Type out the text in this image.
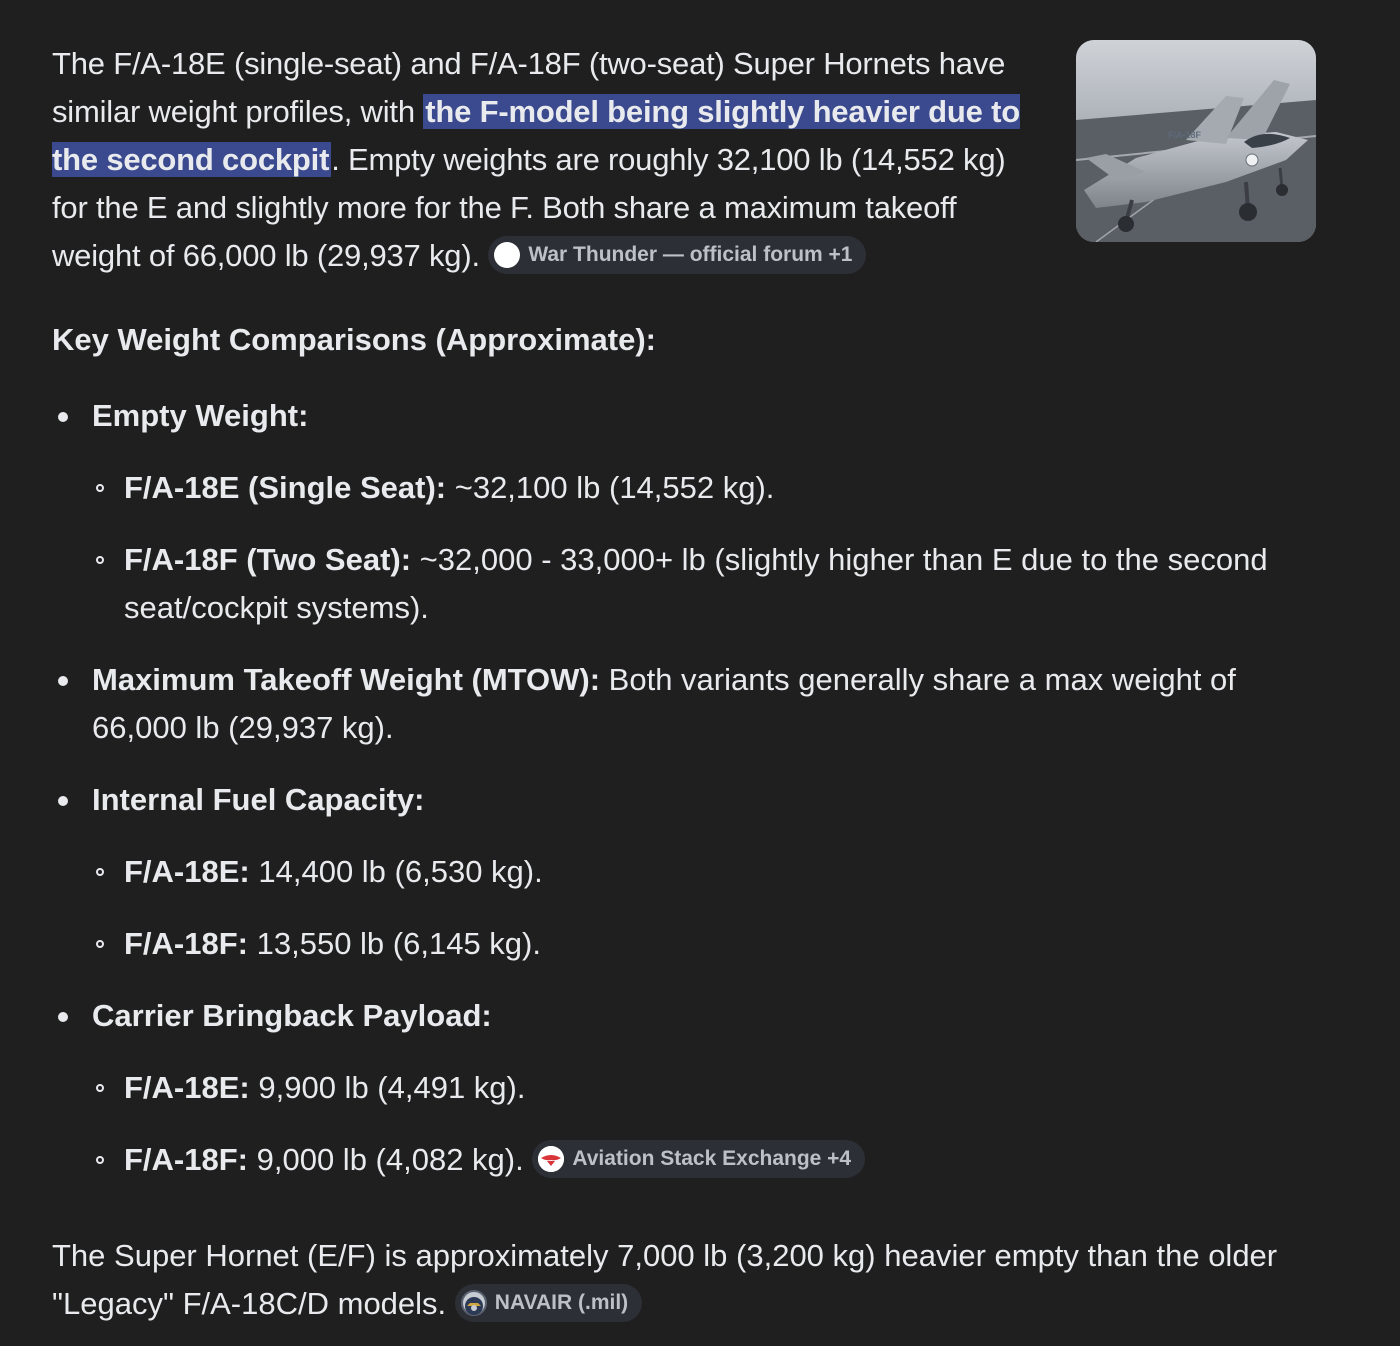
The F/A-18E (single-seat) and F/A-18F (two-seat) Super Hornets have similar weight profiles, with the F-model being slightly heavier due to the second cockpit. Empty weights are roughly 32,100 lb (14,552 kg) for the E and slightly more for the F. Both share a maximum takeoff weight of 66,000 lb (29,937 kg). War Thunder — official forum +1

F/A-18F
Key Weight Comparisons (Approximate):
Empty Weight:
F/A-18E (Single Seat): ~32,100 lb (14,552 kg).
F/A-18F (Two Seat): ~32,000 - 33,000+ lb (slightly higher than E due to the second seat/cockpit systems).
Maximum Takeoff Weight (MTOW): Both variants generally share a max weight of 66,000 lb (29,937 kg).
Internal Fuel Capacity:
F/A-18E: 14,400 lb (6,530 kg).
F/A-18F: 13,550 lb (6,145 kg).
Carrier Bringback Payload:
F/A-18E: 9,900 lb (4,491 kg).
F/A-18F: 9,000 lb (4,082 kg). Aviation Stack Exchange +4

The Super Hornet (E/F) is approximately 7,000 lb (3,200 kg) heavier empty than the older "Legacy" F/A-18C/D models. NAVAIR (.mil)
